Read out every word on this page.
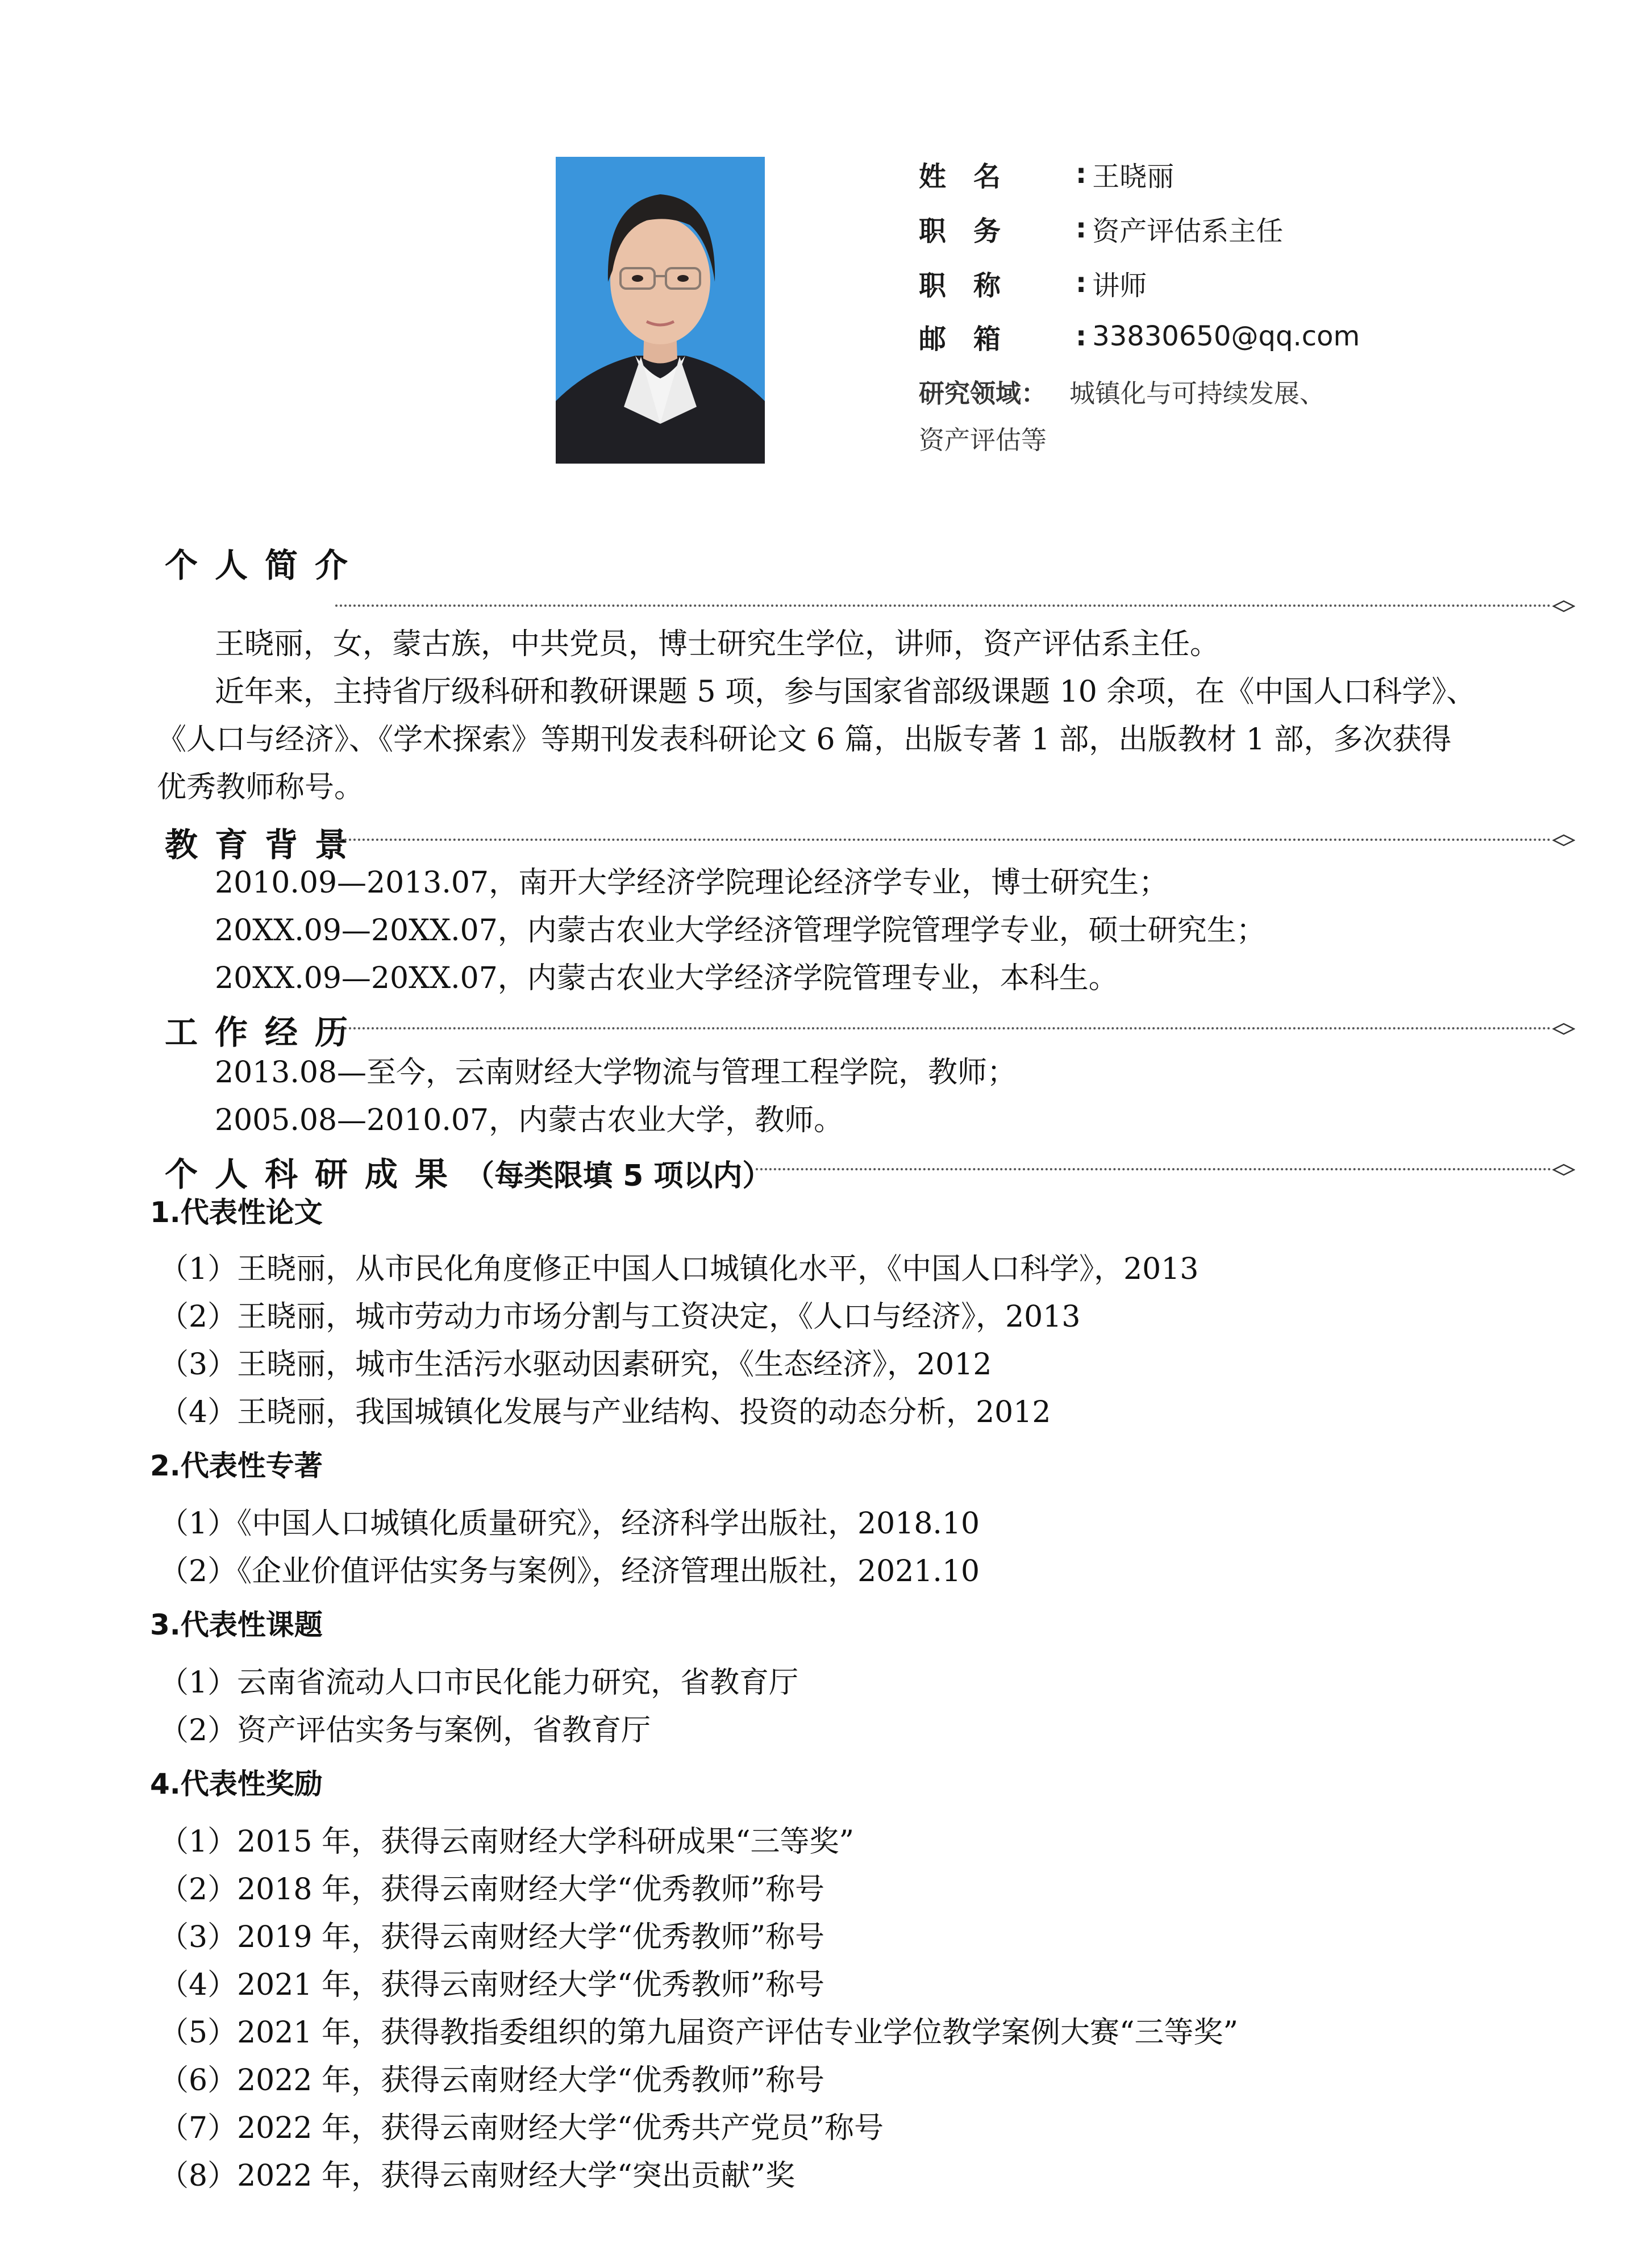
姓　名	: 王晓丽
职　务	: 资产评估系主任
职　称	: 讲师
邮　箱	: 33830650@qq.com
研究领域： 城镇化与可持续发展、
资产评估等
个人简介
王晓丽，女，蒙古族，中共党员，博士研究生学位，讲师，资产评估系主任。
近年来，主持省厅级科研和教研课题 5 项，参与国家省部级课题 10 余项，在《中国人口科学》、
《人口与经济》、《学术探索》等期刊发表科研论文 6 篇，出版专著 1 部，出版教材 1 部，多次获得
优秀教师称号。
教育背景
2010.09—2013.07，南开大学经济学院理论经济学专业，博士研究生；
20XX.09—20XX.07，内蒙古农业大学经济管理学院管理学专业，硕士研究生；
20XX.09—20XX.07，内蒙古农业大学经济学院管理专业，本科生。
工作经历
2013.08—至今，云南财经大学物流与管理工程学院，教师；
2005.08—2010.07，内蒙古农业大学，教师。
个人科研成果（每类限填 5 项以内）
1.代表性论文
（1）王晓丽，从市民化角度修正中国人口城镇化水平，《中国人口科学》，2013
（2）王晓丽，城市劳动力市场分割与工资决定，《人口与经济》，2013
（3）王晓丽，城市生活污水驱动因素研究，《生态经济》，2012
（4）王晓丽，我国城镇化发展与产业结构、投资的动态分析，2012
2.代表性专著
（1）《中国人口城镇化质量研究》，经济科学出版社，2018.10
（2）《企业价值评估实务与案例》，经济管理出版社，2021.10
3.代表性课题
（1）云南省流动人口市民化能力研究，省教育厅
（2）资产评估实务与案例，省教育厅
4.代表性奖励
（1）2015 年，获得云南财经大学科研成果“三等奖”
（2）2018 年，获得云南财经大学“优秀教师”称号
（3）2019 年，获得云南财经大学“优秀教师”称号
（4）2021 年，获得云南财经大学“优秀教师”称号
（5）2021 年，获得教指委组织的第九届资产评估专业学位教学案例大赛“三等奖”
（6）2022 年，获得云南财经大学“优秀教师”称号
（7）2022 年，获得云南财经大学“优秀共产党员”称号
（8）2022 年，获得云南财经大学“突出贡献”奖
